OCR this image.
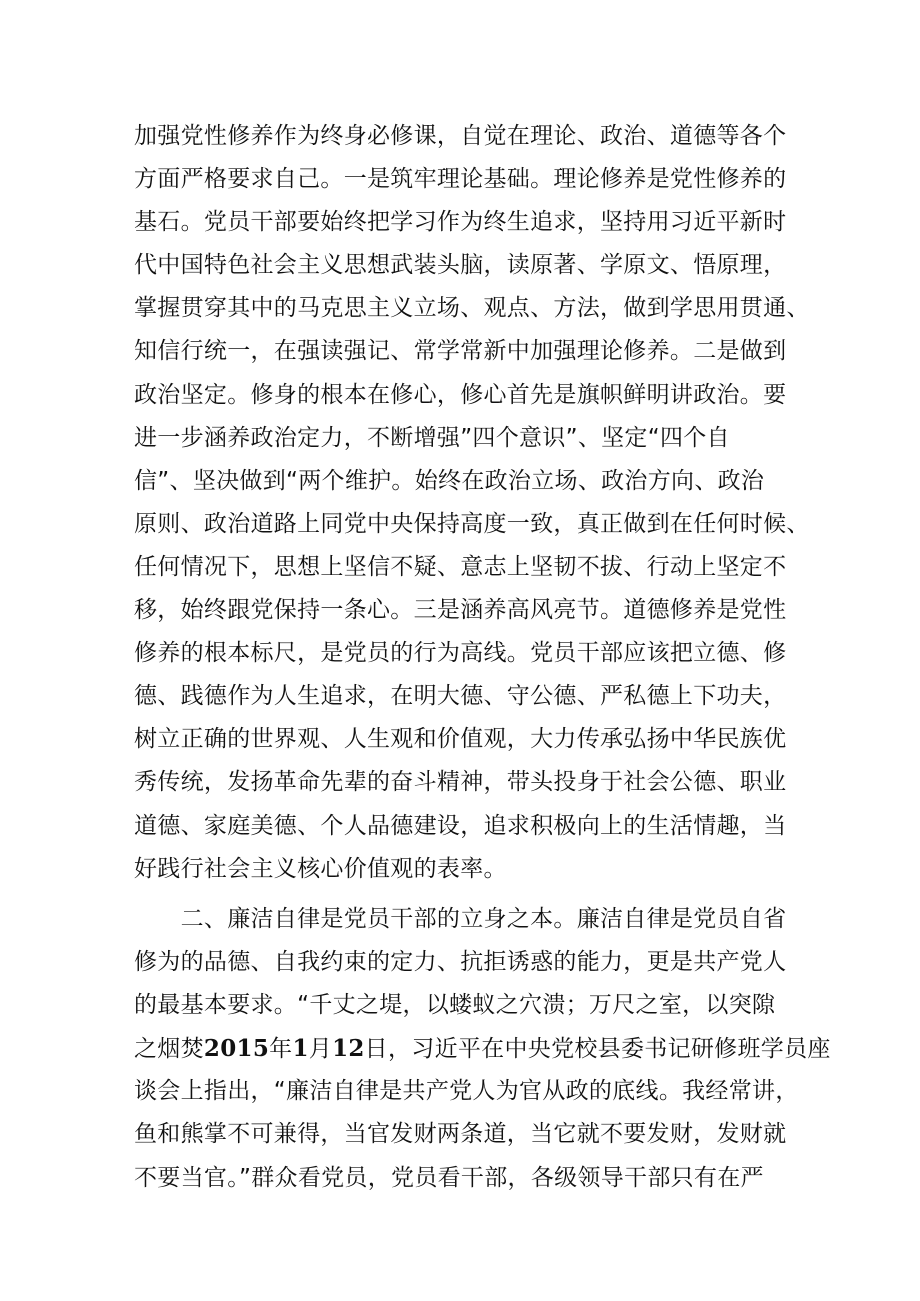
加强党性修养作为终身必修课，自觉在理论、政治、道德等各个
方面严格要求自己。一是筑牢理论基础。理论修养是党性修养的
基石。党员干部要始终把学习作为终生追求，坚持用习近平新时
代中国特色社会主义思想武装头脑，读原著、学原文、悟原理，
掌握贯穿其中的马克思主义立场、观点、方法，做到学思用贯通、
知信行统一，在强读强记、常学常新中加强理论修养。二是做到
政治坚定。修身的根本在修心，修心首先是旗帜鲜明讲政治。要
进一步涵养政治定力，不断增强”四个意识”、坚定“四个自
信”、坚决做到“两个维护。始终在政治立场、政治方向、政治
原则、政治道路上同党中央保持高度一致，真正做到在任何时候、
任何情况下，思想上坚信不疑、意志上坚韧不拔、行动上坚定不
移，始终跟党保持一条心。三是涵养高风亮节。道德修养是党性
修养的根本标尺，是党员的行为高线。党员干部应该把立德、修
德、践德作为人生追求，在明大德、守公德、严私德上下功夫，
树立正确的世界观、人生观和价值观，大力传承弘扬中华民族优
秀传统，发扬革命先辈的奋斗精神，带头投身于社会公德、职业
道德、家庭美德、个人品德建设，追求积极向上的生活情趣，当
好践行社会主义核心价值观的表率。
　　二、廉洁自律是党员干部的立身之本。廉洁自律是党员自省
修为的品德、自我约束的定力、抗拒诱惑的能力，更是共产党人
的最基本要求。“千丈之堤，以蝼蚁之穴溃；万尺之室，以突隙
之烟焚2015年1月12日，习近平在中央党校县委书记研修班学员座
谈会上指出，“廉洁自律是共产党人为官从政的底线。我经常讲，
鱼和熊掌不可兼得，当官发财两条道，当它就不要发财，发财就
不要当官。”群众看党员，党员看干部，各级领导干部只有在严
